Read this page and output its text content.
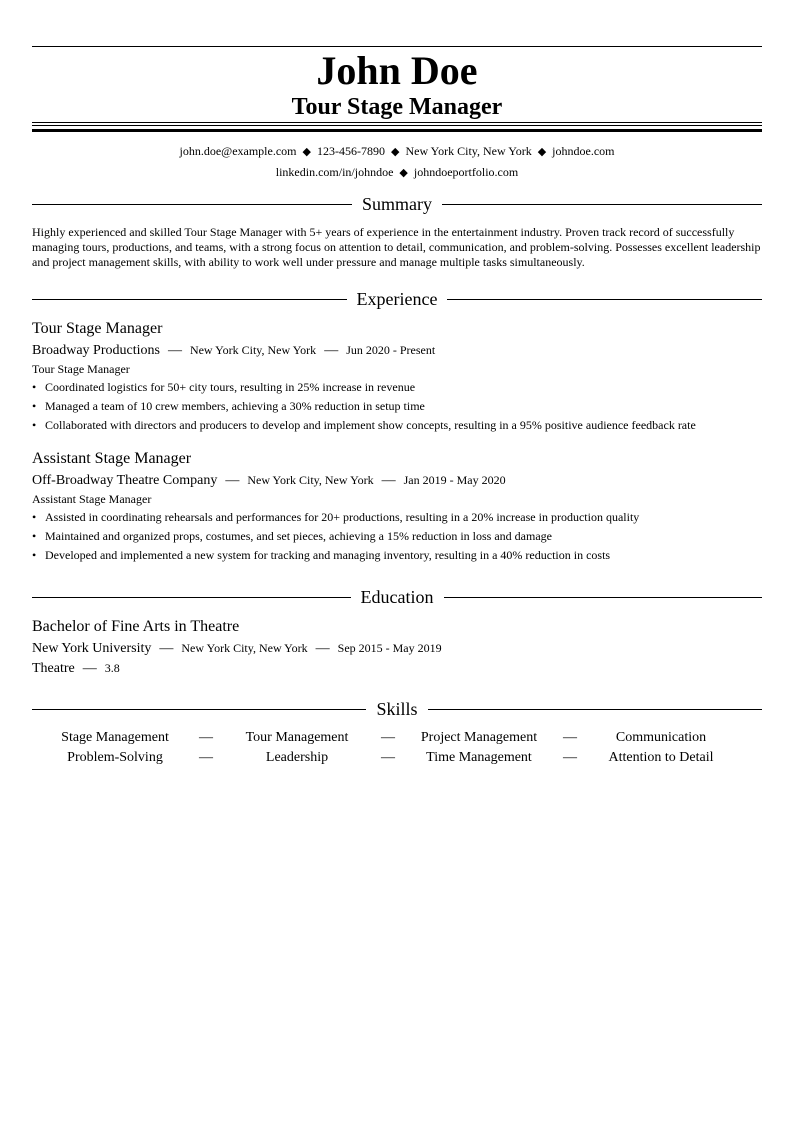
John Doe
Tour Stage Manager
john.doe@example.com ◆ 123-456-7890 ◆ New York City, New York ◆ johndoe.com
linkedin.com/in/johndoe ◆ johndoeportfolio.com
Summary
Highly experienced and skilled Tour Stage Manager with 5+ years of experience in the entertainment industry. Proven track record of successfully managing tours, productions, and teams, with a strong focus on attention to detail, communication, and problem-solving. Possesses excellent leadership and project management skills, with ability to work well under pressure and manage multiple tasks simultaneously.
Experience
Tour Stage Manager
Broadway Productions — New York City, New York — Jun 2020 - Present
Tour Stage Manager
• Coordinated logistics for 50+ city tours, resulting in 25% increase in revenue
• Managed a team of 10 crew members, achieving a 30% reduction in setup time
• Collaborated with directors and producers to develop and implement show concepts, resulting in a 95% positive audience feedback rate
Assistant Stage Manager
Off-Broadway Theatre Company — New York City, New York — Jan 2019 - May 2020
Assistant Stage Manager
• Assisted in coordinating rehearsals and performances for 20+ productions, resulting in a 20% increase in production quality
• Maintained and organized props, costumes, and set pieces, achieving a 15% reduction in loss and damage
• Developed and implemented a new system for tracking and managing inventory, resulting in a 40% reduction in costs
Education
Bachelor of Fine Arts in Theatre
New York University — New York City, New York — Sep 2015 - May 2019
Theatre — 3.8
Skills
Stage Management	—	Tour Management	—	Project Management	—	Communication
Problem-Solving	—	Leadership	—	Time Management	—	Attention to Detail
